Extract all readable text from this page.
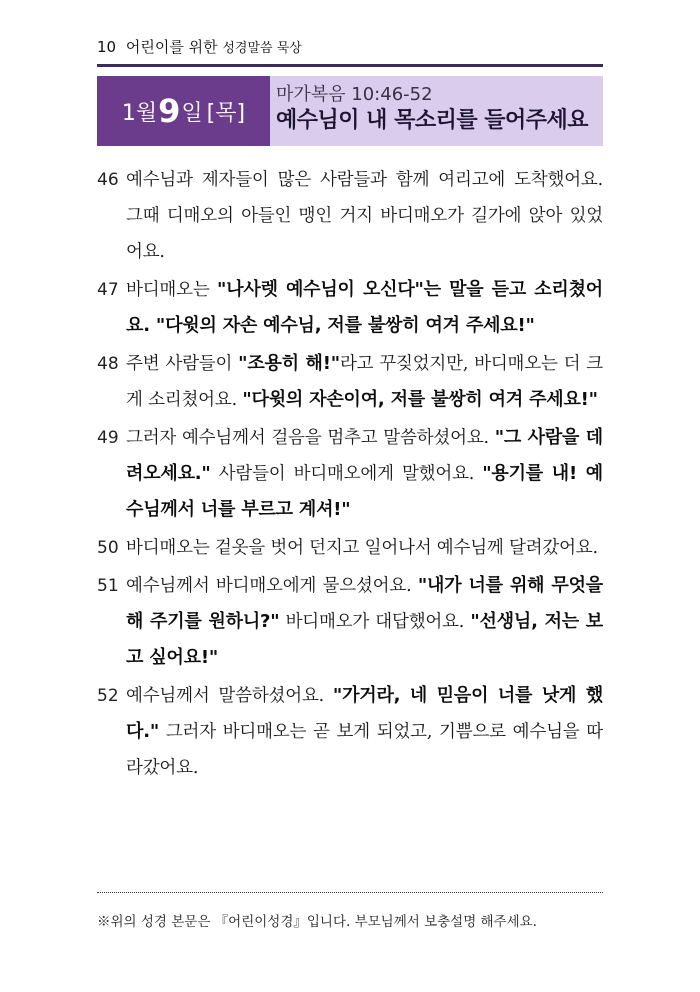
10 어린이를 위한 성경말씀 묵상
1월 9 일 [목]
마가복음 10:46-52
예수님이 내 목소리를 들어주세요
46 예수님과 제자들이 많은 사람들과 함께 여리고에 도착했어요. 그때 디매오의 아들인 맹인 거지 바디매오가 길가에 앉아 있었어요.
47 바디매오는 "나사렛 예수님이 오신다"는 말을 듣고 소리쳤어요. "다윗의 자손 예수님, 저를 불쌍히 여겨 주세요!"
48 주변 사람들이 "조용히 해!"라고 꾸짖었지만, 바디매오는 더 크게 소리쳤어요. "다윗의 자손이여, 저를 불쌍히 여겨 주세요!"
49 그러자 예수님께서 걸음을 멈추고 말씀하셨어요. "그 사람을 데려오세요." 사람들이 바디매오에게 말했어요. "용기를 내! 예수님께서 너를 부르고 계셔!"
50 바디매오는 겉옷을 벗어 던지고 일어나서 예수님께 달려갔어요.
51 예수님께서 바디매오에게 물으셨어요. "내가 너를 위해 무엇을 해 주기를 원하니?" 바디매오가 대답했어요. "선생님, 저는 보고 싶어요!"
52 예수님께서 말씀하셨어요. "가거라, 네 믿음이 너를 낫게 했다." 그러자 바디매오는 곧 보게 되었고, 기쁨으로 예수님을 따라갔어요.
※위의 성경 본문은 『어린이성경』입니다. 부모님께서 보충설명 해주세요.
